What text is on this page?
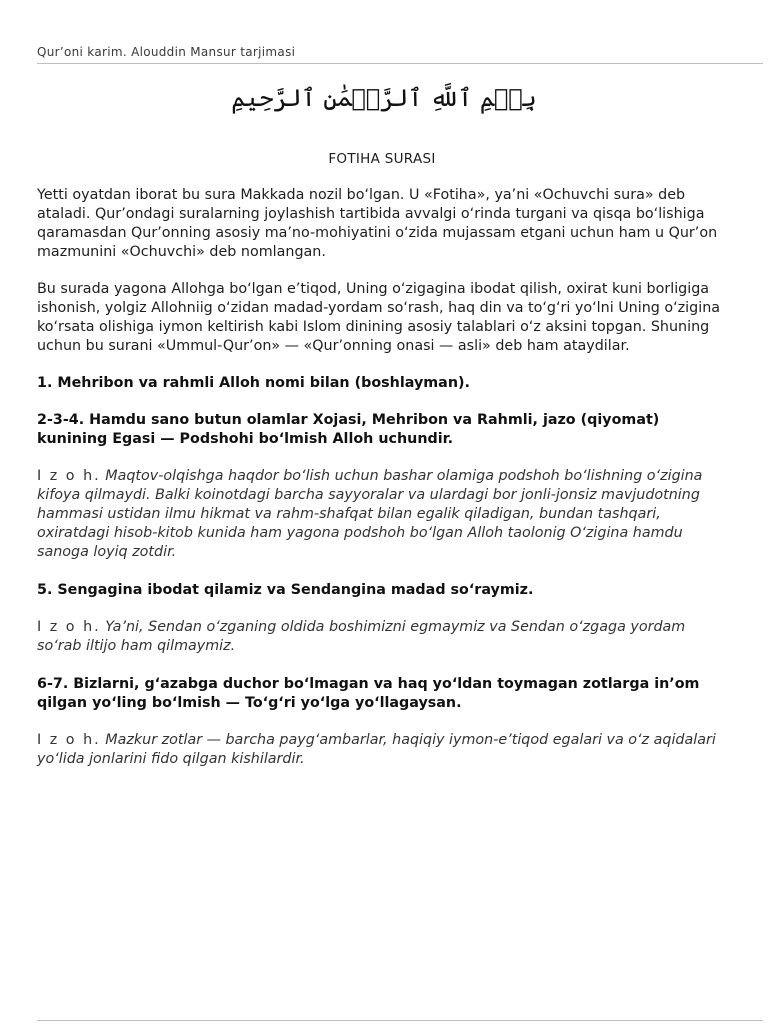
Qur’oni karim. Alouddin Mansur tarjimasi
بِسۡمِ ٱللَّهِ ٱلرَّحۡمَٰنِ ٱلرَّحِيمِ
FOTIHA SURASI

Yetti oyatdan iborat bu sura Makkada nozil bo‘lgan. U «Fotiha», ya’ni «Ochuvchi sura» deb ataladi. Qur’ondagi suralarning joylashish tartibida avvalgi o‘rinda turgani va qisqa bo‘lishiga qaramasdan Qur’onning asosiy ma’no-mohiyatini o‘zida mujassam etgani uchun ham u Qur’on mazmunini «Ochuvchi» deb nomlangan.

Bu surada yagona Allohga bo‘lgan e’tiqod, Uning o‘zigagina ibodat qilish, oxirat kuni borligiga ishonish, yolgiz Allohniig o‘zidan madad-yordam so‘rash, haq din va to‘g‘ri yo‘lni Uning o‘zigina ko‘rsata olishiga iymon keltirish kabi Islom dinining asosiy talablari o‘z aksini topgan. Shuning uchun bu surani «Ummul-Qur’on» — «Qur’onning onasi — asli» deb ham ataydilar.

1. Mehribon va rahmli Alloh nomi bilan (boshlayman).

2-3-4. Hamdu sano butun olamlar Xojasi, Mehribon va Rahmli, jazo (qiyomat) kunining Egasi — Podshohi bo‘lmish Alloh uchundir.

I z o h. Maqtov-olqishga haqdor bo‘lish uchun bashar olamiga podshoh bo‘lishning o‘zigina kifoya qilmaydi. Balki koinotdagi barcha sayyoralar va ulardagi bor jonli-jonsiz mavjudotning hammasi ustidan ilmu hikmat va rahm-shafqat bilan egalik qiladigan, bundan tashqari, oxiratdagi hisob-kitob kunida ham yagona podshoh bo‘lgan Alloh taolonig O‘zigina hamdu sanoga loyiq zotdir.

5. Sengagina ibodat qilamiz va Sendangina madad so‘raymiz.

I z o h. Ya’ni, Sendan o‘zganing oldida boshimizni egmaymiz va Sendan o‘zgaga yordam so‘rab iltijo ham qilmaymiz.

6-7. Bizlarni, g‘azabga duchor bo‘lmagan va haq yo‘ldan toymagan zotlarga in’om qilgan yo‘ling bo‘lmish — To‘g‘ri yo‘lga yo‘llagaysan.

I z o h. Mazkur zotlar — barcha payg‘ambarlar, haqiqiy iymon-e’tiqod egalari va o‘z aqidalari yo‘lida jonlarini fido qilgan kishilardir.
